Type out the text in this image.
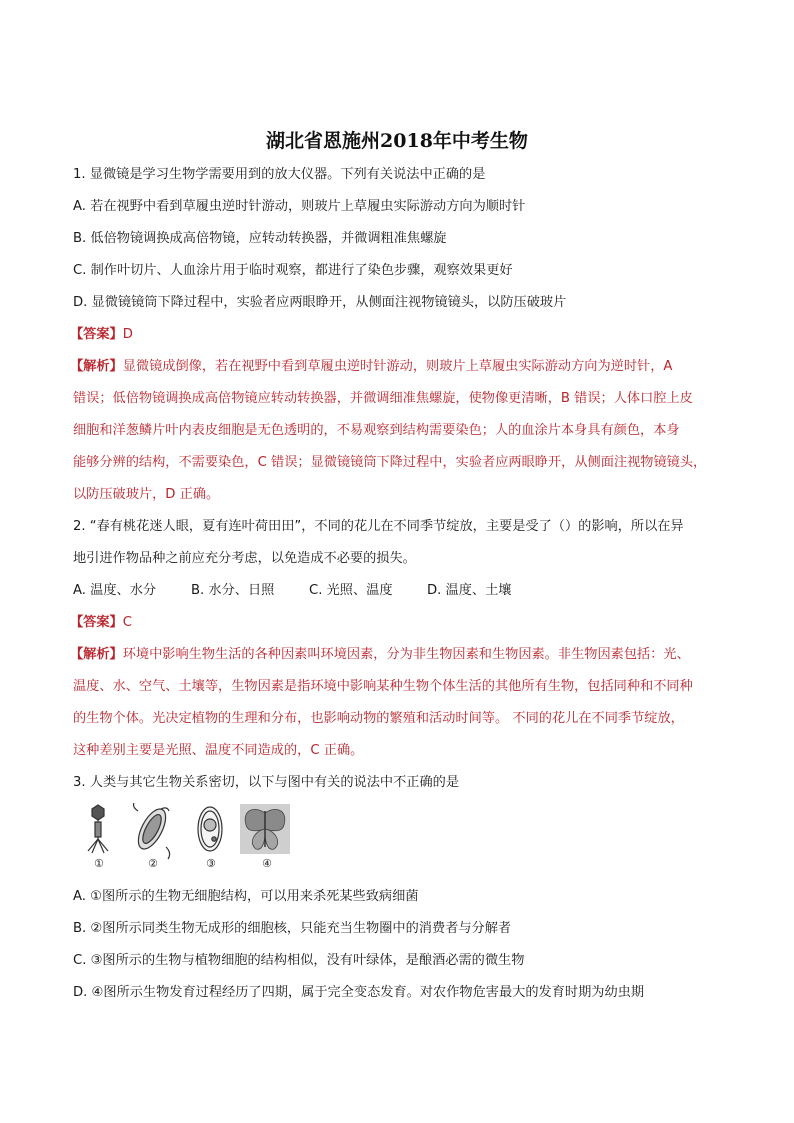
湖北省恩施州2018年中考生物
1. 显微镜是学习生物学需要用到的放大仪器。下列有关说法中正确的是
A. 若在视野中看到草履虫逆时针游动，则玻片上草履虫实际游动方向为顺时针
B. 低倍物镜调换成高倍物镜，应转动转换器，并微调粗准焦螺旋
C. 制作叶切片、人血涂片用于临时观察，都进行了染色步骤，观察效果更好
D. 显微镜镜筒下降过程中，实验者应两眼睁开，从侧面注视物镜镜头，以防压破玻片
【答案】D
【解析】显微镜成倒像，若在视野中看到草履虫逆时针游动，则玻片上草履虫实际游动方向为逆时针，A
错误；低倍物镜调换成高倍物镜应转动转换器，并微调细准焦螺旋，使物像更清晰，B 错误；人体口腔上皮
细胞和洋葱鳞片叶内表皮细胞是无色透明的，不易观察到结构需要染色；人的血涂片本身具有颜色，本身
能够分辨的结构，不需要染色，C 错误；显微镜镜筒下降过程中，实验者应两眼睁开，从侧面注视物镜镜头，
以防压破玻片，D 正确。
2. “春有桃花迷人眼，夏有连叶荷田田”，不同的花儿在不同季节绽放，主要是受了（）的影响，所以在异
地引进作物品种之前应充分考虑，以免造成不必要的损失。
A. 温度、水分	B. 水分、日照	C. 光照、温度	D. 温度、土壤
【答案】C
【解析】环境中影响生物生活的各种因素叫环境因素，分为非生物因素和生物因素。非生物因素包括：光、
温度、水、空气、土壤等，生物因素是指环境中影响某种生物个体生活的其他所有生物，包括同种和不同种
的生物个体。光决定植物的生理和分布，也影响动物的繁殖和活动时间等。 不同的花儿在不同季节绽放，
这种差别主要是光照、温度不同造成的，C 正确。
3. 人类与其它生物关系密切，以下与图中有关的说法中不正确的是
①	②	③	④
A. ①图所示的生物无细胞结构，可以用来杀死某些致病细菌
B. ②图所示同类生物无成形的细胞核，只能充当生物圈中的消费者与分解者
C. ③图所示的生物与植物细胞的结构相似，没有叶绿体，是酿酒必需的微生物
D. ④图所示生物发育过程经历了四期，属于完全变态发育。对农作物危害最大的发育时期为幼虫期
